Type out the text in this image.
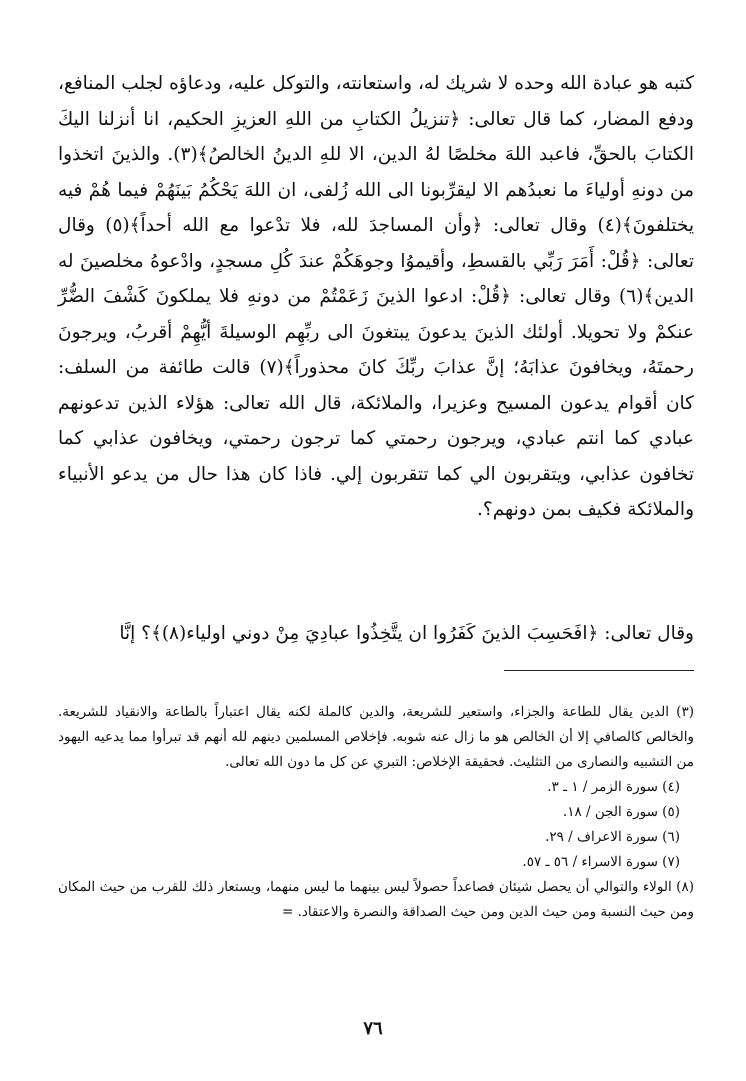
كتبه هو عبادة الله وحده لا شريك له، واستعانته، والتوكل عليه، ودعاؤه لجلب المنافع، ودفع المضار، كما قال تعالى: ﴿تنزيلُ الكتابِ من اللهِ العزيزِ الحكيم، انا أنزلنا اليكَ الكتابَ بالحقِّ، فاعبد اللهَ مخلصًا لهُ الدين، الا للهِ الدينُ الخالصُ﴾(٣). والذينَ اتخذوا من دونهِ أولياءَ ما نعبدُهم الا ليقرِّبونا الى الله زُلفى، ان اللهَ يَحْكُمُ بَينَهُمْ فيما هُمْ فيه يختلفونَ﴾(٤) وقال تعالى: ﴿وأن المساجدَ لله، فلا تدْعوا مع الله أحداً﴾(٥) وقال تعالى: ﴿قُلْ: أَمَرَ رَبِّي بالقسطِ، وأقيموُا وجوهَكُمْ عندَ كُلِ مسجدٍ، وادْعوهُ مخلصينَ له الدين﴾(٦) وقال تعالى: ﴿قُلْ: ادعوا الذينَ زَعَمْتُمْ من دونهِ فلا يملكونَ كَشْفَ الضُّرِّ عنكمْ ولا تحويلا. أولئك الذينَ يدعونَ يبتغونَ الى ربِّهِم الوسيلةَ أيُّهِمْ أقربُ، ويرجونَ رحمتَهُ، ويخافونَ عذابَهُ؛ إنَّ عذابَ ربِّكَ كانَ محذوراً﴾(٧) قالت طائفة من السلف: كان أقوام يدعون المسيح وعزيرا، والملائكة، قال الله تعالى: هؤلاء الذين تدعونهم عبادي كما انتم عبادي، ويرجون رحمتي كما ترجون رحمتي، ويخافون عذابي كما تخافون عذابي، ويتقربون الي كما تتقربون إلي. فاذا كان هذا حال من يدعو الأنبياء والملائكة فكيف بمن دونهم؟.

وقال تعالى: ﴿افَحَسِبَ الذينَ كَفَرُوا ان يتَّخِذُوا عبادِيَ مِنْ دوني اولياء(٨)﴾؟ إنَّا

(٣) الدين يقال للطاعة والجزاء، واستعير للشريعة، والدين كالملة لكنه يقال اعتباراً بالطاعة والانقياد للشريعة. والخالص كالصافي إلا أن الخالص هو ما زال عنه شوبه. فإخلاص المسلمين دينهم لله أنهم قد تبرأوا مما يدعيه اليهود من التشبيه والنصارى من التثليث. فحقيقة الإخلاص: التبري عن كل ما دون الله تعالى.

(٤) سورة الزمر / ١ ـ ٣.

(٥) سورة الجن / ١٨.

(٦) سورة الاعراف / ٢٩.

(٧) سورة الاسراء / ٥٦ ـ ٥٧.

(٨) الولاء والتوالي أن يحصل شيئان فصاعداً حصولاً ليس بينهما ما ليس منهما، ويستعار ذلك للقرب من حيث المكان ومن حيث النسبة ومن حيث الدين ومن حيث الصداقة والنصرة والاعتقاد. =

٧٦
